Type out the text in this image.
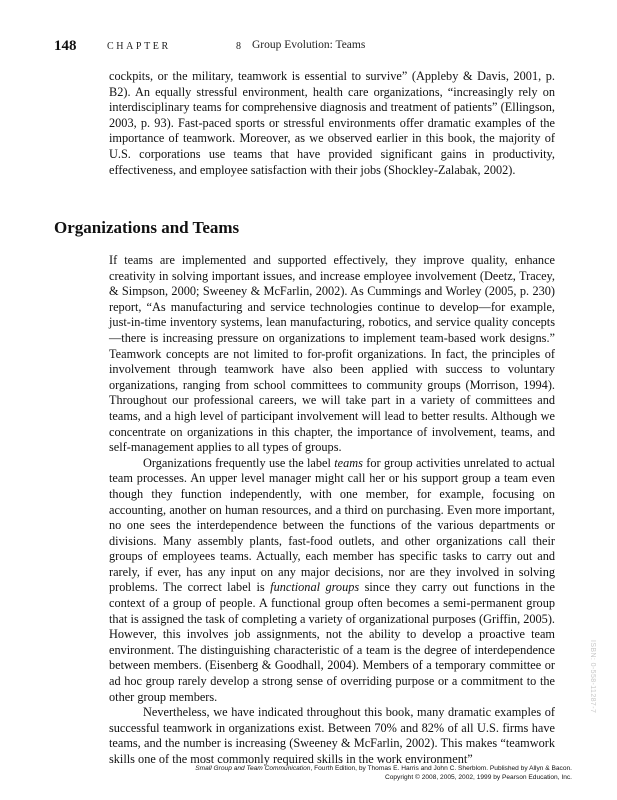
148	CHAPTER	8 Group Evolution: Teams

cockpits, or the military, teamwork is essential to survive” (Appleby & Davis, 2001, p. B2). An equally stressful environment, health care organizations, “increasingly rely on interdisciplinary teams for comprehensive diagnosis and treatment of patients” (Ellingson, 2003, p. 93). Fast-paced sports or stressful environments offer dramatic examples of the importance of teamwork. Moreover, as we observed earlier in this book, the majority of U.S. corporations use teams that have provided significant gains in productivity, effectiveness, and employee satisfaction with their jobs (Shockley-Zalabak, 2002).

Organizations and Teams

If teams are implemented and supported effectively, they improve quality, enhance creativity in solving important issues, and increase employee involvement (Deetz, Tracey, & Simpson, 2000; Sweeney & McFarlin, 2002). As Cummings and Worley (2005, p. 230) report, “As manufacturing and service technologies continue to develop—for example, just-in-time inventory systems, lean manufacturing, robotics, and service quality concepts—there is increasing pressure on organizations to implement team-based work designs.” Teamwork concepts are not limited to for-profit organizations. In fact, the principles of involvement through teamwork have also been applied with success to voluntary organizations, ranging from school committees to community groups (Morrison, 1994). Throughout our professional careers, we will take part in a variety of committees and teams, and a high level of participant involvement will lead to better results. Although we concentrate on organizations in this chapter, the importance of involvement, teams, and self-management applies to all types of groups.

Organizations frequently use the label teams for group activities unrelated to actual team processes. An upper level manager might call her or his support group a team even though they function independently, with one member, for example, focusing on accounting, another on human resources, and a third on purchasing. Even more important, no one sees the interdependence between the functions of the various departments or divisions. Many assembly plants, fast-food outlets, and other organizations call their groups of employees teams. Actually, each member has specific tasks to carry out and rarely, if ever, has any input on any major decisions, nor are they involved in solving problems. The correct label is functional groups since they carry out functions in the context of a group of people. A functional group often becomes a semi-permanent group that is assigned the task of completing a variety of organizational purposes (Griffin, 2005). However, this involves job assignments, not the ability to develop a proactive team environment. The distinguishing characteristic of a team is the degree of interdependence between members. (Eisenberg & Goodhall, 2004). Members of a temporary committee or ad hoc group rarely develop a strong sense of overriding purpose or a commitment to the other group members.

Nevertheless, we have indicated throughout this book, many dramatic examples of successful teamwork in organizations exist. Between 70% and 82% of all U.S. firms have teams, and the number is increasing (Sweeney & McFarlin, 2002). This makes “teamwork skills one of the most commonly required skills in the work environment”

ISBN: 0-558-11287-7
Small Group and Team Communication, Fourth Edition, by Thomas E. Harris and John C. Sherblom. Published by Allyn & Bacon.
Copyright © 2008, 2005, 2002, 1999 by Pearson Education, Inc.
